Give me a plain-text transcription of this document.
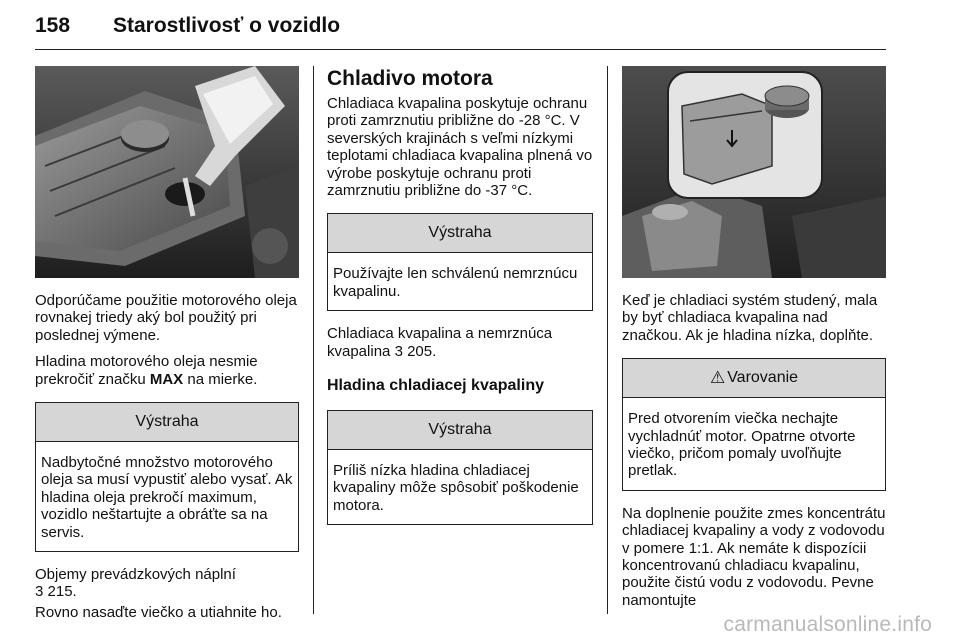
158 Starostlivosť o vozidlo

Odporúčame použitie motorového oleja rovnakej triedy aký bol použitý pri poslednej výmene.

Hladina motorového oleja nesmie prekročiť značku MAX na mierke.

Výstraha
Nadbytočné množstvo motorového oleja sa musí vypustiť alebo vysať. Ak hladina oleja prekročí maximum, vozidlo neštartujte a obráťte sa na servis.

Objemy prevádzkových náplní
3 215.

Rovno nasaďte viečko a utiahnite ho.

Chladivo motora

Chladiaca kvapalina poskytuje ochranu proti zamrznutiu približne do -28 °C. V severských krajinách s veľmi nízkymi teplotami chladiaca kvapalina plnená vo výrobe poskytuje ochranu proti zamrznutiu približne do -37 °C.

Výstraha
Používajte len schválenú nemrznúcu kvapalinu.

Chladiaca kvapalina a nemrznúca kvapalina 3 205.

Hladina chladiacej kvapaliny
Výstraha
Príliš nízka hladina chladiacej kvapaliny môže spôsobiť poškodenie motora.

Keď je chladiaci systém studený, mala by byť chladiaca kvapalina nad značkou. Ak je hladina nízka, doplňte.

⚠ Varovanie
Pred otvorením viečka nechajte vychladnúť motor. Opatrne otvorte viečko, pričom pomaly uvoľňujte pretlak.

Na doplnenie použite zmes koncentrátu chladiacej kvapaliny a vody z vodovodu v pomere 1:1. Ak nemáte k dispozícii koncentrovanú chladiacu kvapalinu, použite čistú vodu z vodovodu. Pevne namontujte

carmanualsonline.info
